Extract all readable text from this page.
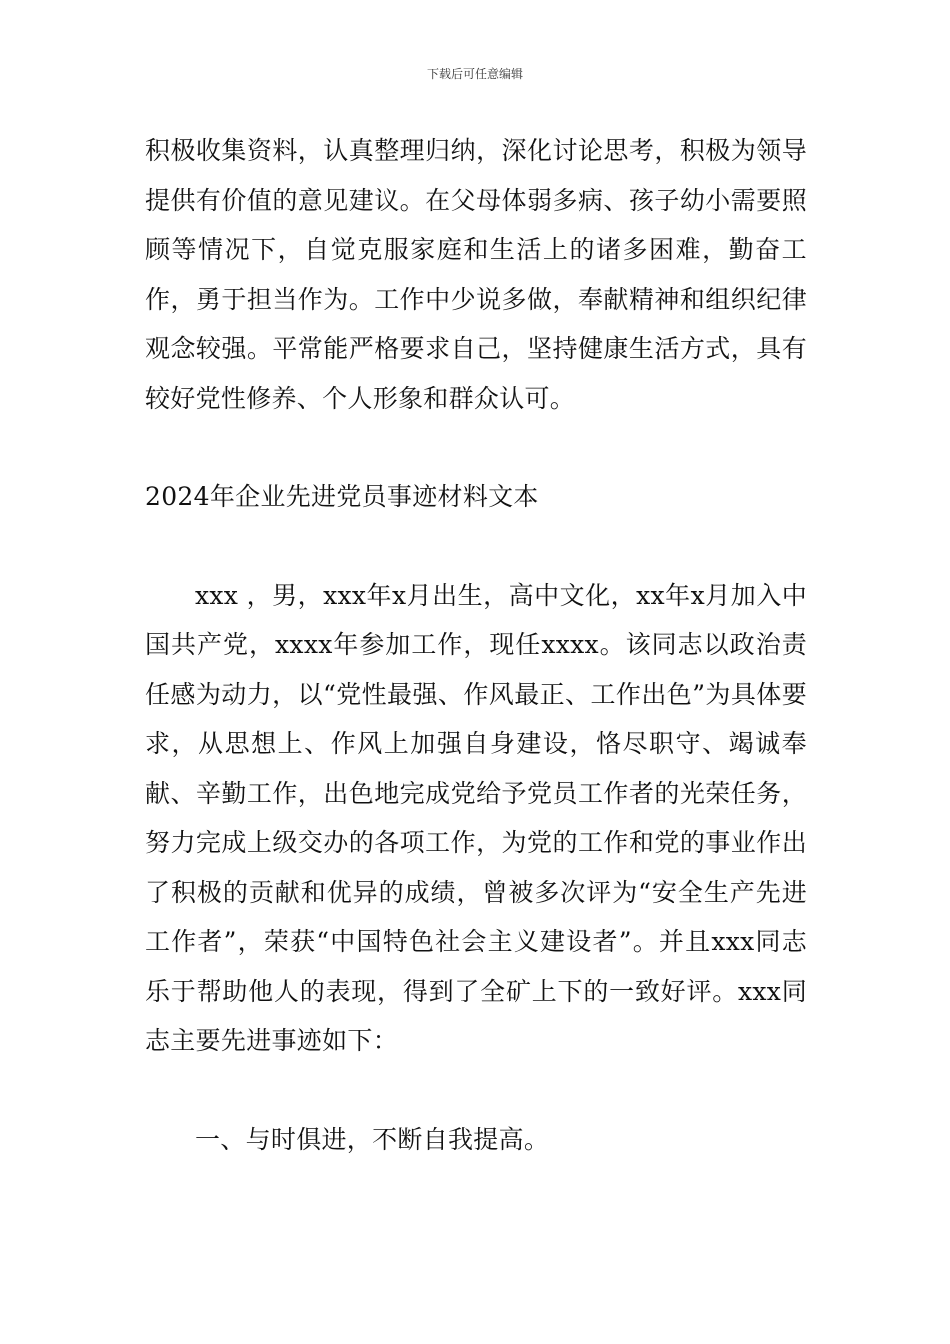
下载后可任意编辑

积极收集资料，认真整理归纳，深化讨论思考，积极为领导提供有价值的意见建议。在父母体弱多病、孩子幼小需要照顾等情况下，自觉克服家庭和生活上的诸多困难，勤奋工作，勇于担当作为。工作中少说多做，奉献精神和组织纪律观念较强。平常能严格要求自己，坚持健康生活方式，具有较好党性修养、个人形象和群众认可。

2024年企业先进党员事迹材料文本

xxx ，男，xxx年x月出生，高中文化，xx年x月加入中国共产党，xxxx年参加工作，现任xxxx。该同志以政治责任感为动力，以“党性最强、作风最正、工作出色”为具体要求，从思想上、作风上加强自身建设，恪尽职守、竭诚奉献、辛勤工作，出色地完成党给予党员工作者的光荣任务，努力完成上级交办的各项工作，为党的工作和党的事业作出了积极的贡献和优异的成绩，曾被多次评为“安全生产先进工作者”，荣获“中国特色社会主义建设者”。并且xxx同志乐于帮助他人的表现，得到了全矿上下的一致好评。xxx同志主要先进事迹如下：

一、与时俱进，不断自我提高。
